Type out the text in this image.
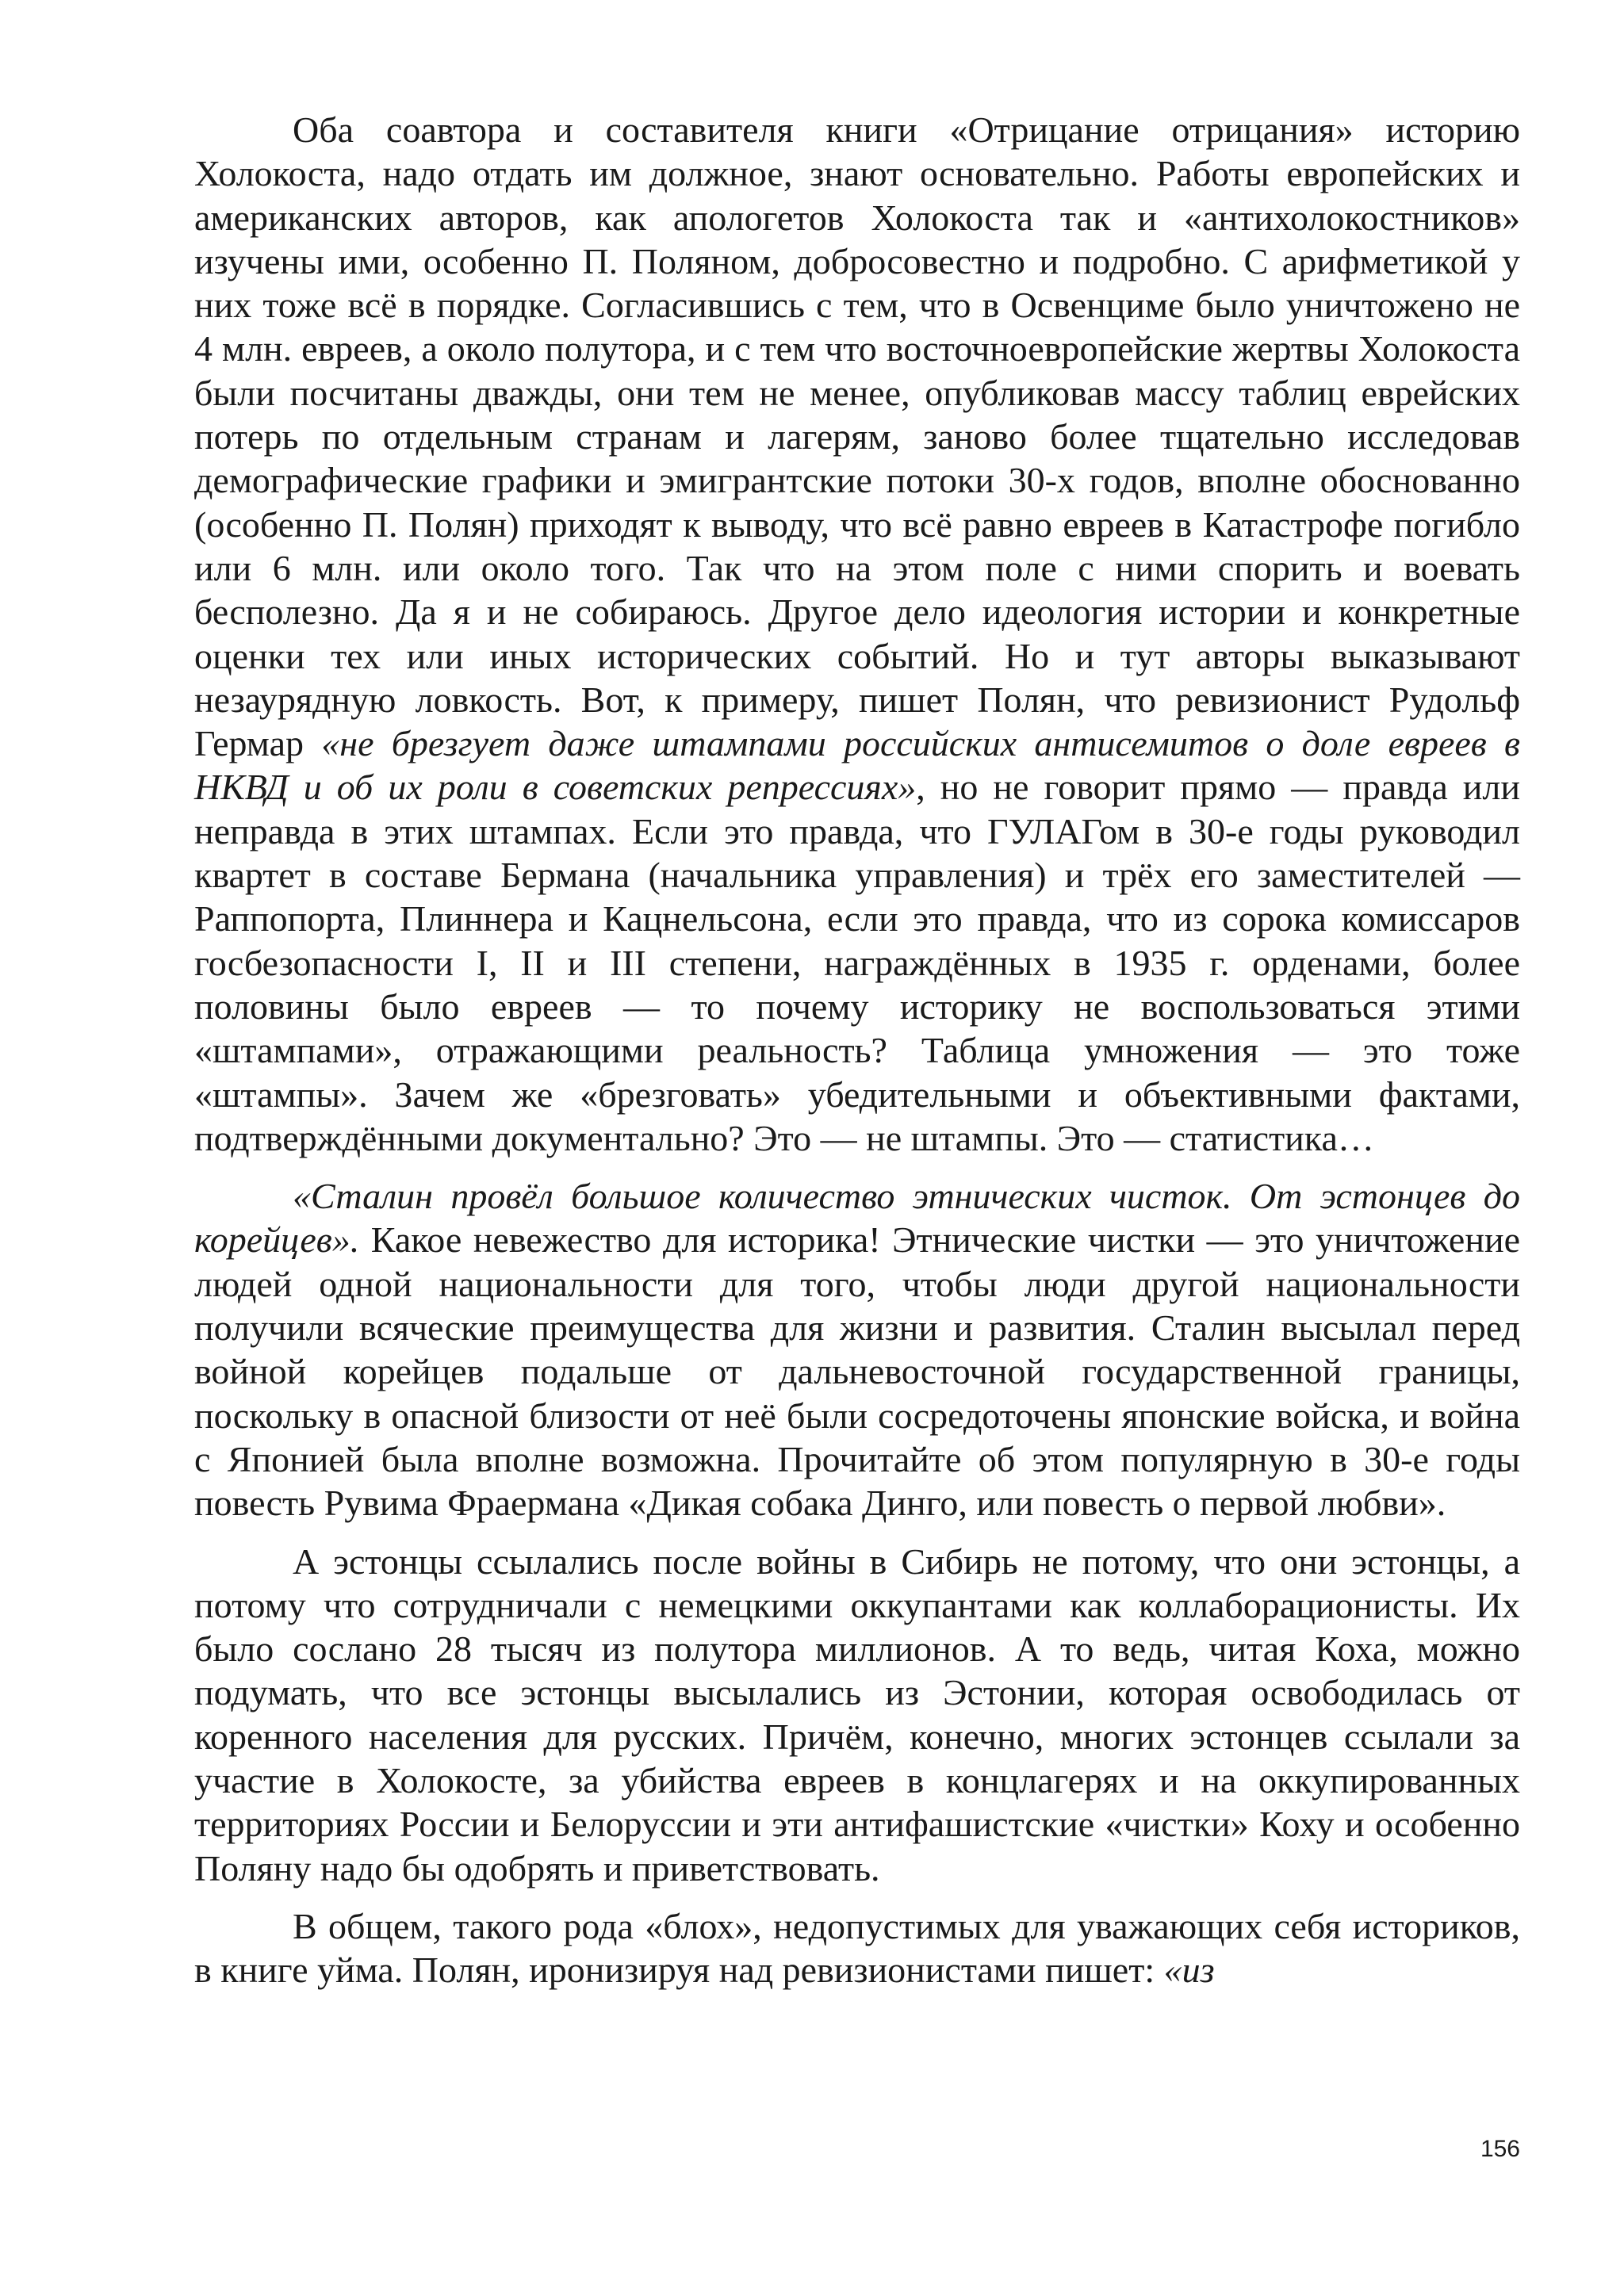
Оба соавтора и составителя книги «Отрицание отрицания» историю Холокоста, надо отдать им должное, знают основательно. Работы европейских и американских авторов, как апологетов Холокоста так и «антихолокостников» изучены ими, особенно П. Поляном, добросовестно и подробно. С арифметикой у них тоже всё в порядке. Согласившись с тем, что в Освенциме было уничтожено не 4 млн. евреев, а около полутора, и с тем что восточноевропейские жертвы Холокоста были посчитаны дважды, они тем не менее, опубликовав массу таблиц еврейских потерь по отдельным странам и лагерям, заново более тщательно исследовав демографические графики и эмигрантские потоки 30-х годов, вполне обоснованно (особенно П. Полян) приходят к выводу, что всё равно евреев в Катастрофе погибло или 6 млн. или около того. Так что на этом поле с ними спорить и воевать бесполезно. Да я и не собираюсь. Другое дело идеология истории и конкретные оценки тех или иных исторических событий. Но и тут авторы выказывают незаурядную ловкость. Вот, к примеру, пишет Полян, что ревизионист Рудольф Гермар «не брезгует даже штампами российских антисемитов о доле евреев в НКВД и об их роли в советских репрессиях», но не говорит прямо — правда или неправда в этих штампах. Если это правда, что ГУЛАГом в 30-е годы руководил квартет в составе Бермана (начальника управления) и трёх его заместителей — Раппопорта, Плиннера и Кацнельсона, если это правда, что из сорока комиссаров госбезопасности I, II и III степени, награждённых в 1935 г. орденами, более половины было евреев — то почему историку не воспользоваться этими «штампами», отражающими реальность? Таблица умножения — это тоже «штампы». Зачем же «брезговать» убедительными и объективными фактами, подтверждёнными документально? Это — не штампы. Это — статистика…

«Сталин провёл большое количество этнических чисток. От эстонцев до корейцев». Какое невежество для историка! Этнические чистки — это уничтожение людей одной национальности для того, чтобы люди другой национальности получили всяческие преимущества для жизни и развития. Сталин высылал перед войной корейцев подальше от дальневосточной государственной границы, поскольку в опасной близости от неё были сосредоточены японские войска, и война с Японией была вполне возможна. Прочитайте об этом популярную в 30-е годы повесть Рувима Фраермана «Дикая собака Динго, или повесть о первой любви».

А эстонцы ссылались после войны в Сибирь не потому, что они эстонцы, а потому что сотрудничали с немецкими оккупантами как коллаборационисты. Их было сослано 28 тысяч из полутора миллионов. А то ведь, читая Коха, можно подумать, что все эстонцы высылались из Эстонии, которая освободилась от коренного населения для русских. Причём, конечно, многих эстонцев ссылали за участие в Холокосте, за убийства евреев в концлагерях и на оккупированных территориях России и Белоруссии и эти антифашистские «чистки» Коху и особенно Поляну надо бы одобрять и приветствовать.

В общем, такого рода «блох», недопустимых для уважающих себя историков, в книге уйма. Полян, иронизируя над ревизионистами пишет: «из

156
